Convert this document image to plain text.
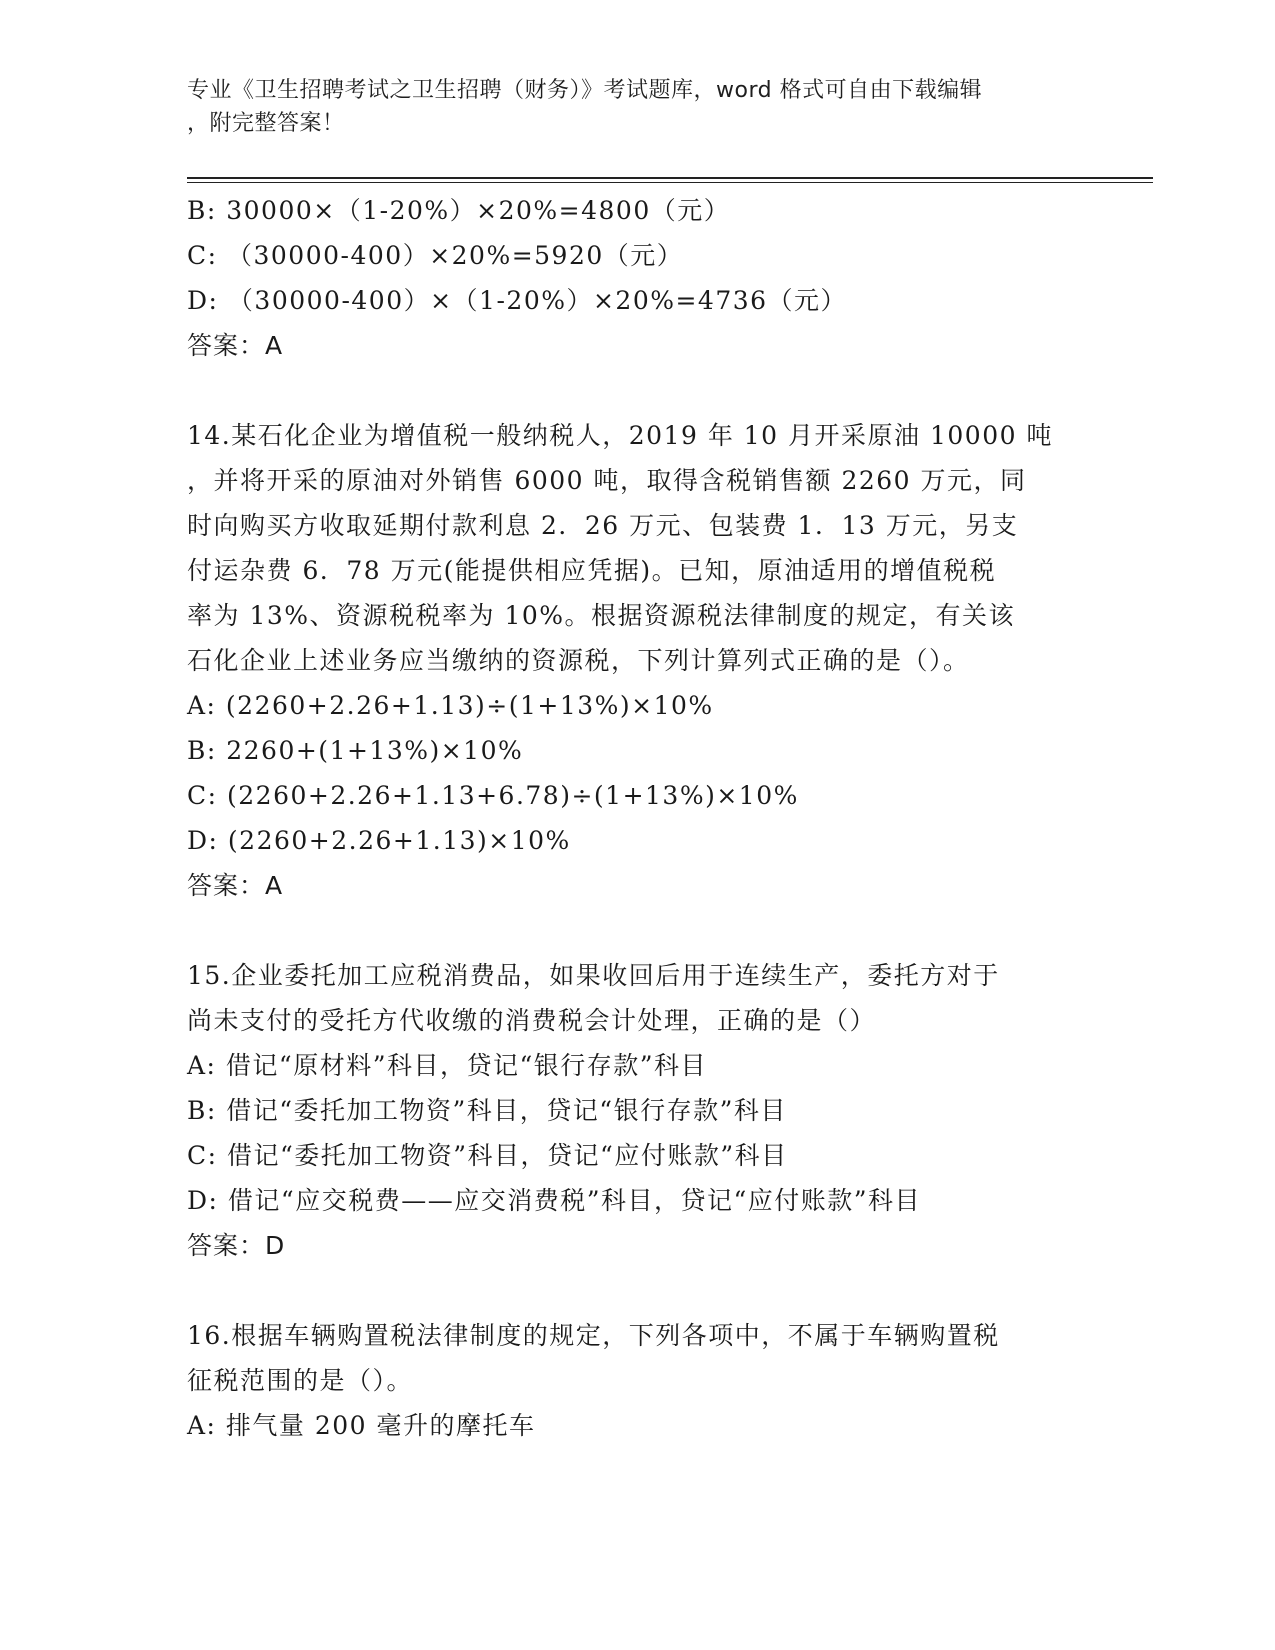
专业《卫生招聘考试之卫生招聘（财务）》考试题库，word 格式可自由下载编辑
，附完整答案！
B: 30000×（1-20%）×20%=4800（元）
C: （30000-400）×20%=5920（元）
D: （30000-400）×（1-20%）×20%=4736（元）
答案：A
14.某石化企业为增值税一般纳税人，2019 年 10 月开采原油 10000 吨
，并将开采的原油对外销售 6000 吨，取得含税销售额 2260 万元，同
时向购买方收取延期付款利息 2．26 万元、包装费 1．13 万元，另支
付运杂费 6．78 万元(能提供相应凭据)。已知，原油适用的增值税税
率为 13%、资源税税率为 10%。根据资源税法律制度的规定，有关该
石化企业上述业务应当缴纳的资源税，下列计算列式正确的是（）。
A: (2260+2.26+1.13)÷(1+13%)×10%
B: 2260+(1+13%)×10%
C: (2260+2.26+1.13+6.78)÷(1+13%)×10%
D: (2260+2.26+1.13)×10%
答案：A
15.企业委托加工应税消费品，如果收回后用于连续生产，委托方对于
尚未支付的受托方代收缴的消费税会计处理，正确的是（）
A: 借记“原材料”科目，贷记“银行存款”科目
B: 借记“委托加工物资”科目，贷记“银行存款”科目
C: 借记“委托加工物资”科目，贷记“应付账款”科目
D: 借记“应交税费——应交消费税”科目，贷记“应付账款”科目
答案：D
16.根据车辆购置税法律制度的规定，下列各项中，不属于车辆购置税
征税范围的是（）。
A: 排气量 200 毫升的摩托车
